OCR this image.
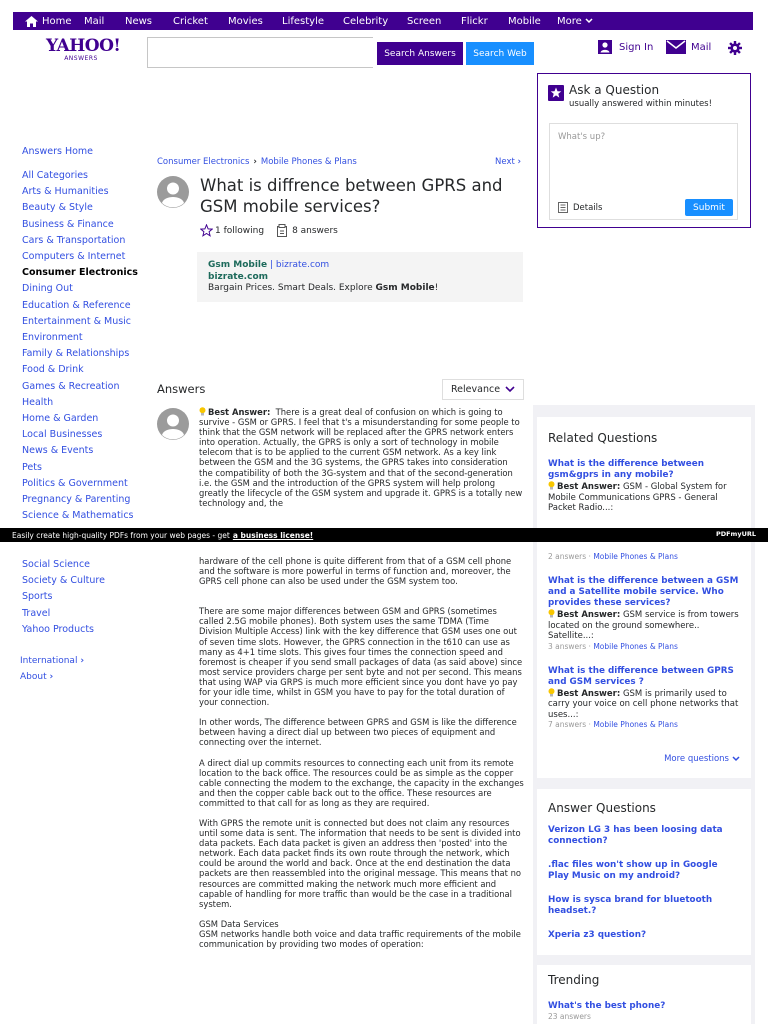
Home Mail News Cricket Movies Lifestyle Celebrity Screen Flickr Mobile More
YAHOO!
ANSWERS	Search Answers	Search Web
Sign In	Mail
Ask a Question
usually answered within minutes!
What's up?
Details	Submit
Answers Home
All Categories
Arts & Humanities
Beauty & Style
Business & Finance
Cars & Transportation
Computers & Internet
Consumer Electronics
Dining Out
Education & Reference
Entertainment & Music
Environment
Family & Relationships
Food & Drink
Games & Recreation
Health
Home & Garden
Local Businesses
News & Events
Pets
Politics & Government
Pregnancy & Parenting
Science & Mathematics
Social Science
Society & Culture
Sports
Travel
Yahoo Products
International ›
About ›
Consumer Electronics › Mobile Phones & Plans	Next ›
What is diffrence between GPRS and GSM mobile services?
1 following	8 answers
Gsm Mobile | bizrate.com
bizrate.com
Bargain Prices. Smart Deals. Explore Gsm Mobile!
Answers	Relevance
Best Answer: There is a great deal of confusion on which is going to survive - GSM or GPRS. I feel that t's a misunderstanding for some people to think that the GSM network will be replaced after the GPRS network enters into operation. Actually, the GPRS is only a sort of technology in mobile telecom that is to be applied to the current GSM network. As a key link between the GSM and the 3G systems, the GPRS takes into consideration the compatibility of both the 3G-system and that of the second-generation i.e. the GSM and the introduction of the GPRS system will help prolong greatly the lifecycle of the GSM system and upgrade it. GPRS is a totally new technology and, the
Easily create high-quality PDFs from your web pages - get a business license!	PDFmyURL

hardware of the cell phone is quite different from that of a GSM cell phone and the software is more powerful in terms of function and, moreover, the GPRS cell phone can also be used under the GSM system too.

There are some major differences between GSM and GPRS (sometimes called 2.5G mobile phones). Both system uses the same TDMA (Time Division Multiple Access) link with the key difference that GSM uses one out of seven time slots. However, the GPRS connection in the t610 can use as many as 4+1 time slots. This gives four times the connection speed and foremost is cheaper if you send small packages of data (as said above) since most service providers charge per sent byte and not per second. This means that using WAP via GRPS is much more efficient since you dont have yo pay for your idle time, whilst in GSM you have to pay for the total duration of your connection.

In other words, The difference between GPRS and GSM is like the difference between having a direct dial up between two pieces of equipment and connecting over the internet.

A direct dial up commits resources to connecting each unit from its remote location to the back office. The resources could be as simple as the copper cable connecting the modem to the exchange, the capacity in the exchanges and then the copper cable back out to the office. These resources are committed to that call for as long as they are required.

With GPRS the remote unit is connected but does not claim any resources until some data is sent. The information that needs to be sent is divided into data packets. Each data packet is given an address then 'posted' into the network. Each data packet finds its own route through the network, which could be around the world and back. Once at the end destination the data packets are then reassembled into the original message. This means that no resources are committed making the network much more efficient and capable of handling for more traffic than would be the case in a traditional system.

GSM Data Services
GSM networks handle both voice and data traffic requirements of the mobile communication by providing two modes of operation:

Related Questions
What is the difference between gsm&gprs in any mobile?
Best Answer: GSM - Global System for Mobile Communications GPRS - General Packet Radio...:
2 answers · Mobile Phones & Plans
What is the difference between a GSM and a Satellite mobile service. Who provides these services?
Best Answer: GSM service is from towers located on the ground somewhere.. Satellite...:
3 answers · Mobile Phones & Plans
What is the difference between GPRS and GSM services ?
Best Answer: GSM is primarily used to carry your voice on cell phone networks that uses...:
7 answers · Mobile Phones & Plans
More questions
Answer Questions
Verizon LG 3 has been loosing data connection?
.flac files won't show up in Google Play Music on my android?
How is sysca brand for bluetooth headset.?
Xperia z3 question?
Trending
What's the best phone?
23 answers
